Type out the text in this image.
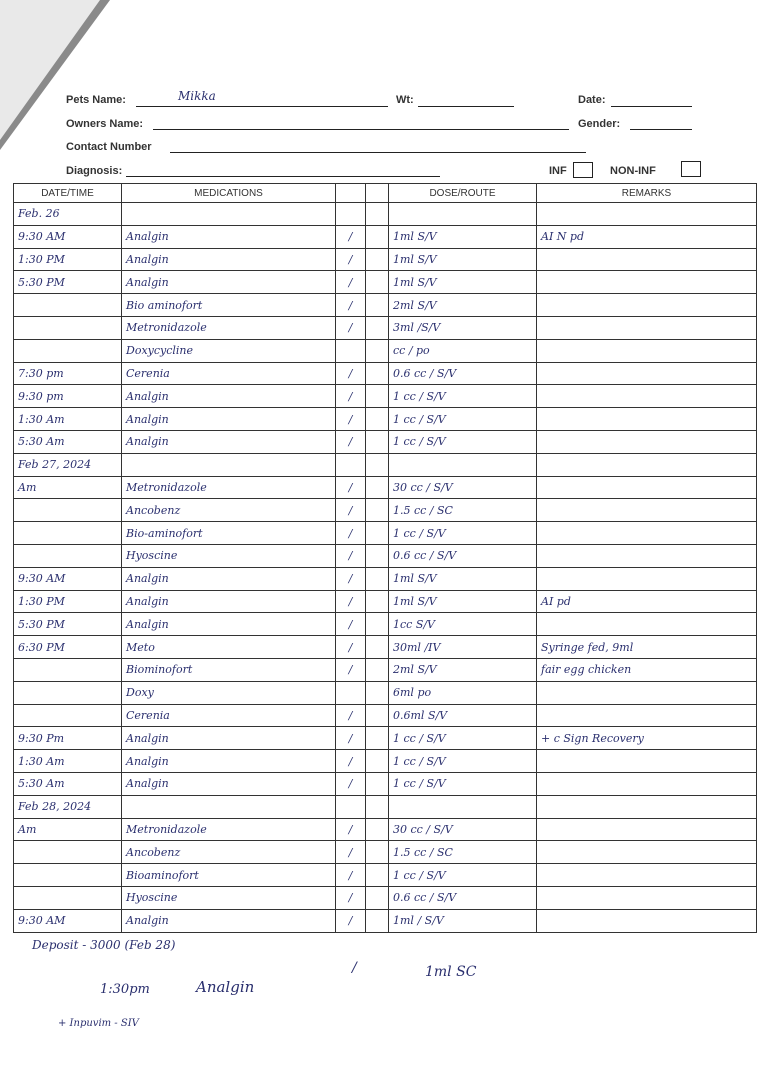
Pets Name:	Mikka	Wt:	Date:
Owners Name:	Gender:
Contact Number
Diagnosis:	INF	NON-INF
DATE/TIME	MEDICATIONS			DOSE/ROUTE	REMARKS
Feb. 26					
9:30 AM	Analgin	/		1ml S/V	AI N pd
1:30 PM	Analgin	/		1ml S/V	
5:30 PM	Analgin	/		1ml S/V	
	Bio aminofort	/		2ml S/V	
	Metronidazole	/		3ml /S/V	
	Doxycycline			cc / po	
7:30 pm	Cerenia	/		0.6 cc / S/V	
9:30 pm	Analgin	/		1 cc / S/V	
1:30 Am	Analgin	/		1 cc / S/V	
5:30 Am	Analgin	/		1 cc / S/V	
Feb 27, 2024					
Am	Metronidazole	/		30 cc / S/V	
	Ancobenz	/		1.5 cc / SC	
	Bio-aminofort	/		1 cc / S/V	
	Hyoscine	/		0.6 cc / S/V	
9:30 AM	Analgin	/		1ml S/V	
1:30 PM	Analgin	/		1ml S/V	AI pd
5:30 PM	Analgin	/		1cc S/V	
6:30 PM	Meto	/		30ml /IV	Syringe fed, 9ml
	Biominofort	/		2ml S/V	fair egg chicken
	Doxy			6ml po	
	Cerenia	/		0.6ml S/V	
9:30 Pm	Analgin	/		1 cc / S/V	+ c Sign Recovery
1:30 Am	Analgin	/		1 cc / S/V	
5:30 Am	Analgin	/		1 cc / S/V	
Feb 28, 2024					
Am	Metronidazole	/		30 cc / S/V	
	Ancobenz	/		1.5 cc / SC	
	Bioaminofort	/		1 cc / S/V	
	Hyoscine	/		0.6 cc / S/V	
9:30 AM	Analgin	/		1ml / S/V	
Deposit - 3000 (Feb 28)
1:30pm	Analgin
/	1ml SC
+ Inpuvim - SIV
